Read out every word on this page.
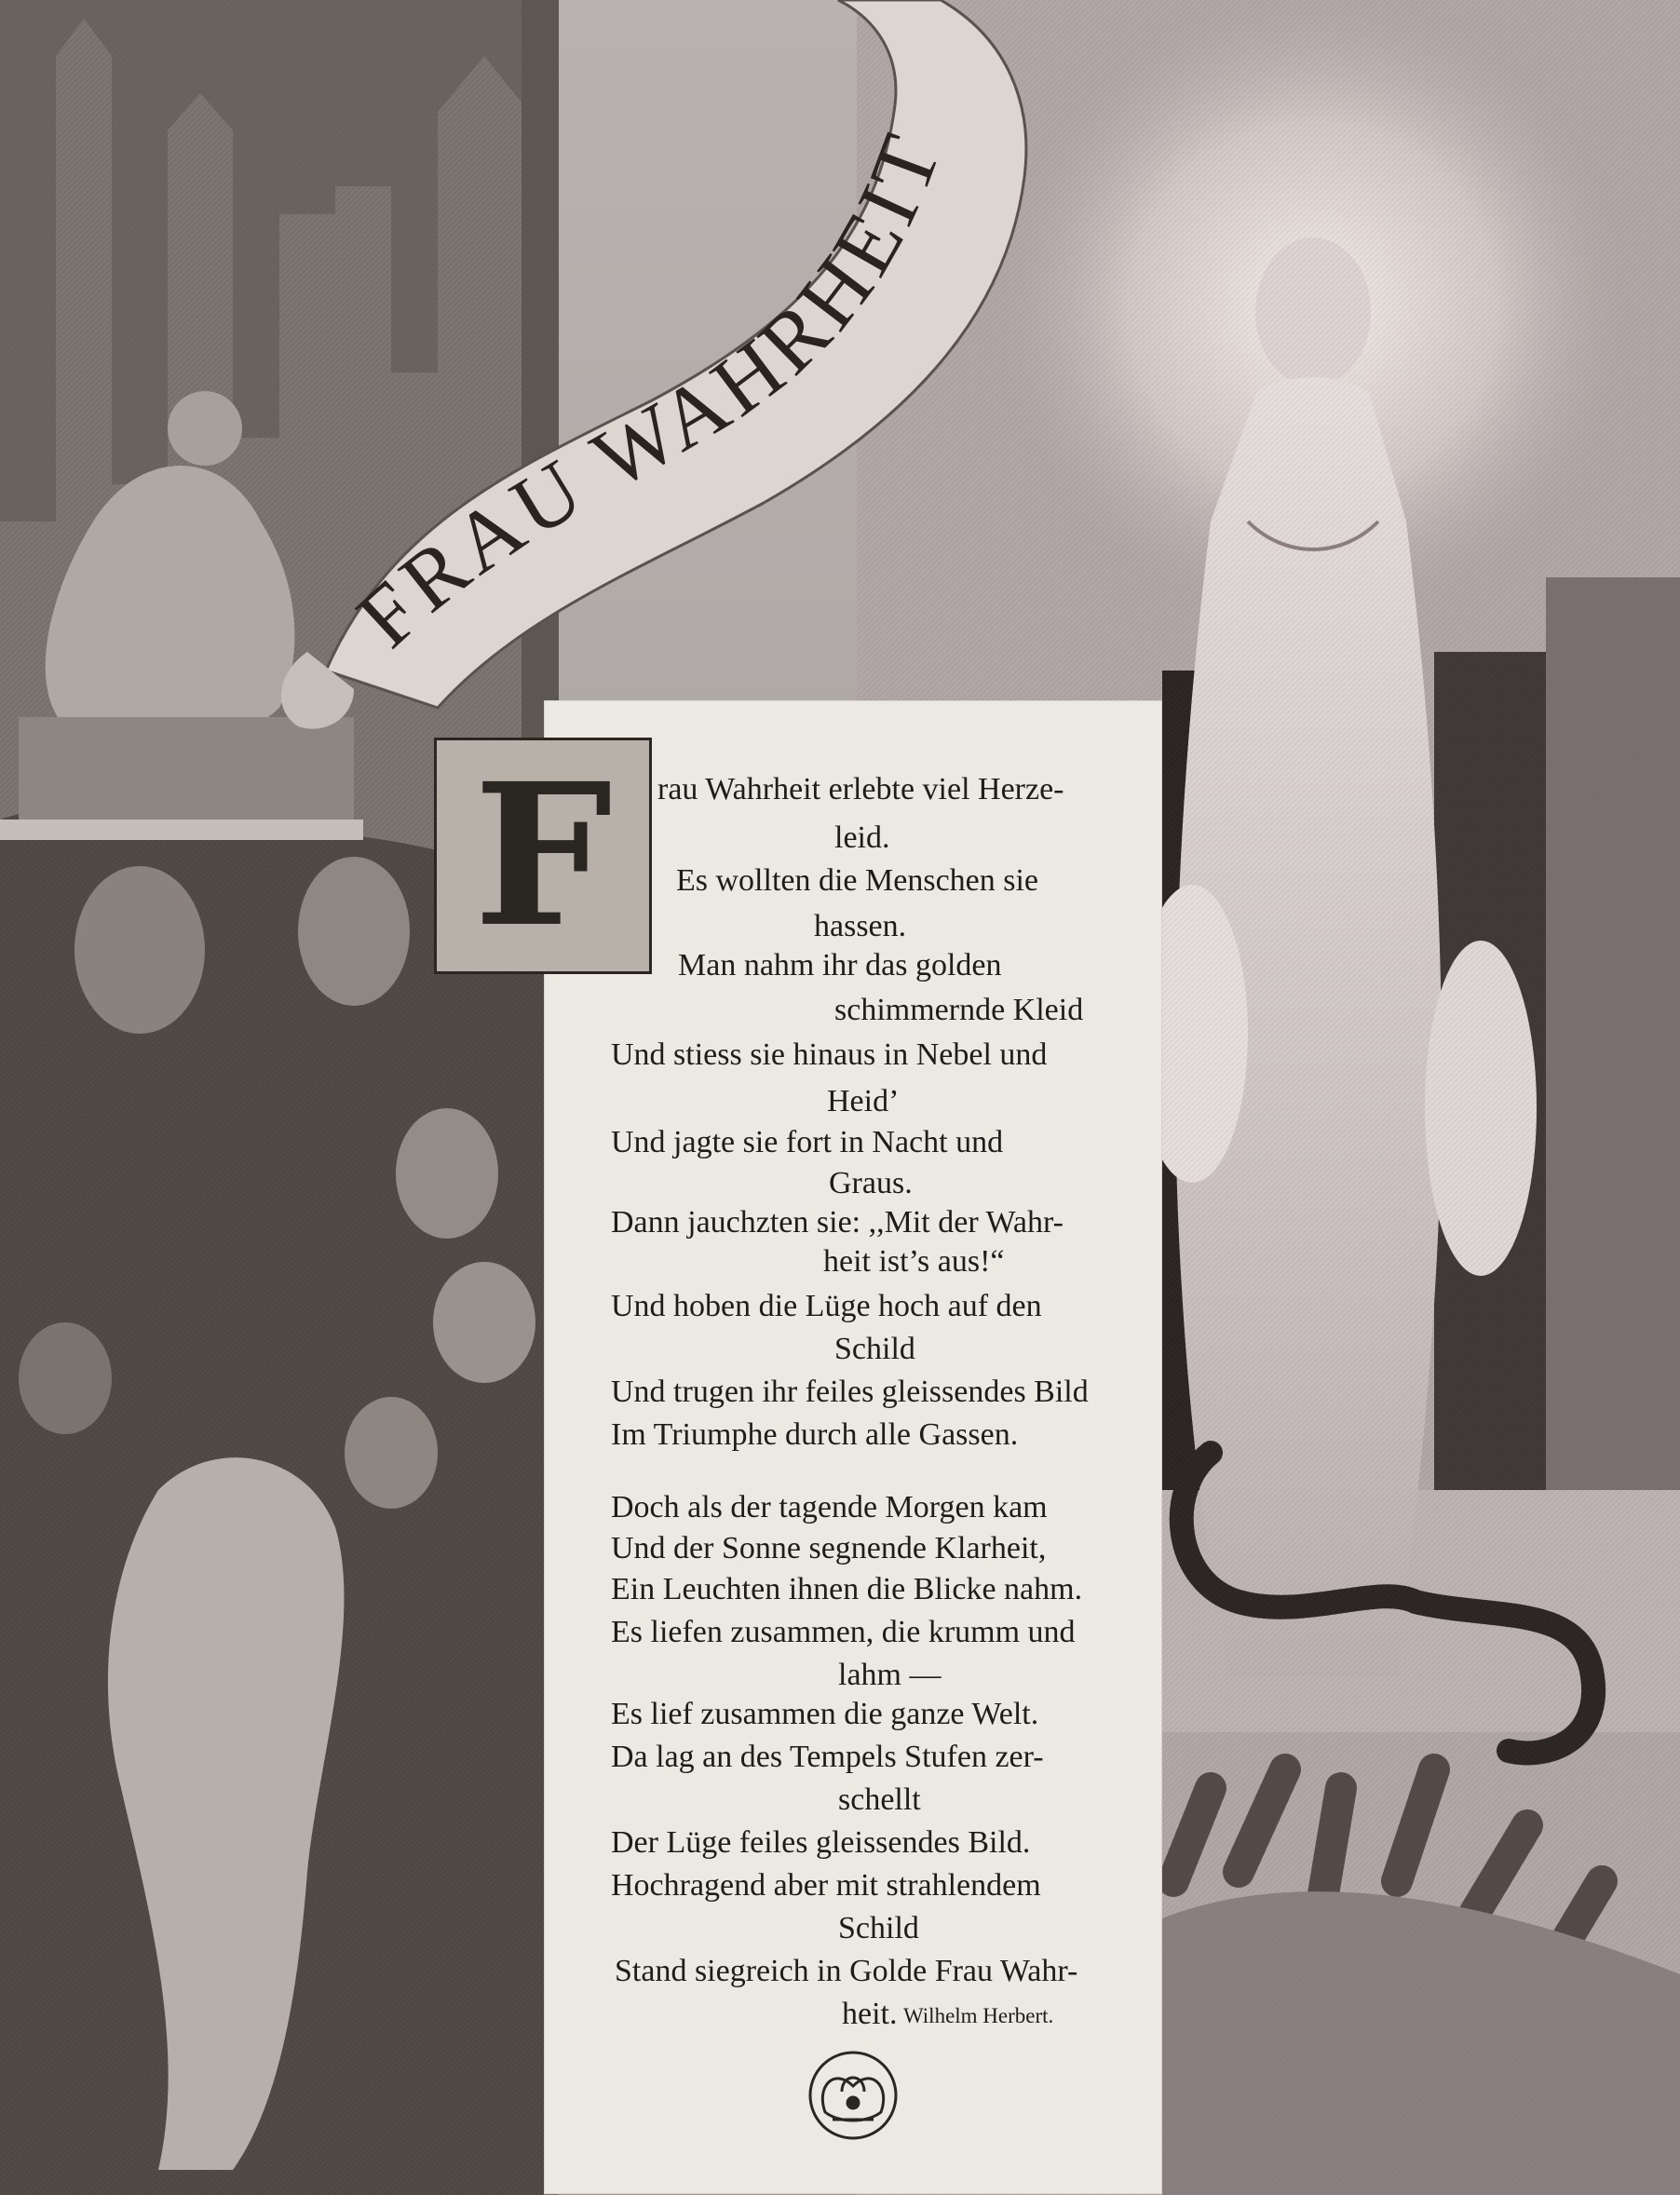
FRAU WAHRHEIT
F	rau Wahrheit erlebte viel Herze-

leid.

Es wollten die Menschen sie

hassen.

Man nahm ihr das golden

schimmernde Kleid

Und stiess sie hinaus in Nebel und

Heid’

Und jagte sie fort in Nacht und

Graus.

Dann jauchzten sie: ,,Mit der Wahr-

heit ist’s aus!“

Und hoben die Lüge hoch auf den

Schild

Und trugen ihr feiles gleissendes Bild

Im Triumphe durch alle Gassen.

Doch als der tagende Morgen kam

Und der Sonne segnende Klarheit,

Ein Leuchten ihnen die Blicke nahm.

Es liefen zusammen, die krumm und

lahm —

Es lief zusammen die ganze Welt.

Da lag an des Tempels Stufen zer-

schellt

Der Lüge feiles gleissendes Bild.

Hochragend aber mit strahlendem

Schild

Stand siegreich in Golde Frau Wahr-

heit. Wilhelm Herbert.
